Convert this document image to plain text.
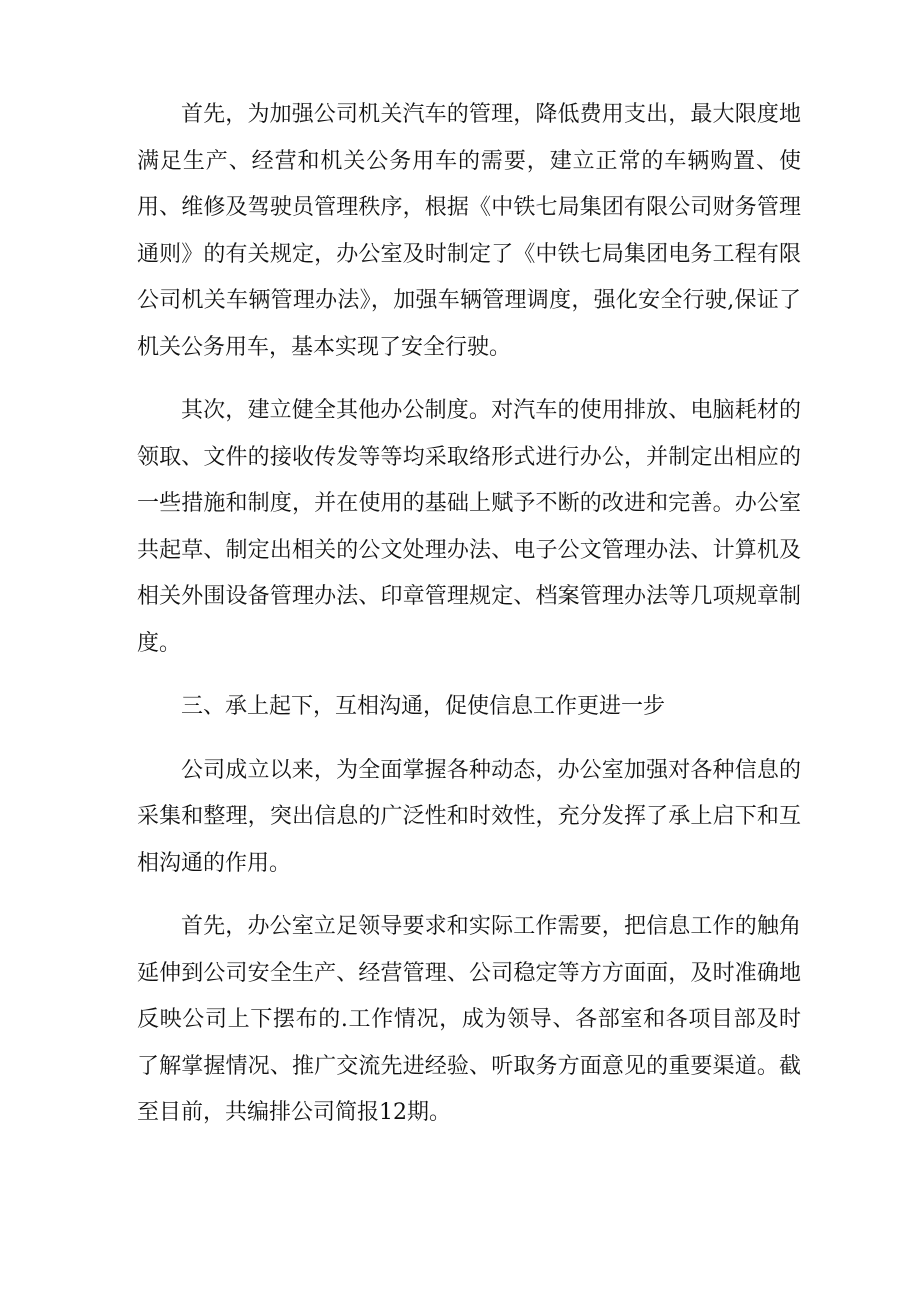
首先，为加强公司机关汽车的管理，降低费用支出，最大限度地满足生产、经营和机关公务用车的需要，建立正常的车辆购置、使用、维修及驾驶员管理秩序，根据《中铁七局集团有限公司财务管理通则》的有关规定，办公室及时制定了《中铁七局集团电务工程有限公司机关车辆管理办法》，加强车辆管理调度，强化安全行驶,保证了机关公务用车，基本实现了安全行驶。

其次，建立健全其他办公制度。对汽车的使用排放、电脑耗材的领取、文件的接收传发等等均采取络形式进行办公，并制定出相应的一些措施和制度，并在使用的基础上赋予不断的改进和完善。办公室共起草、制定出相关的公文处理办法、电子公文管理办法、计算机及相关外围设备管理办法、印章管理规定、档案管理办法等几项规章制度。

三、承上起下，互相沟通，促使信息工作更进一步

公司成立以来，为全面掌握各种动态，办公室加强对各种信息的采集和整理，突出信息的广泛性和时效性，充分发挥了承上启下和互相沟通的作用。

首先，办公室立足领导要求和实际工作需要，把信息工作的触角延伸到公司安全生产、经营管理、公司稳定等方方面面，及时准确地反映公司上下摆布的.工作情况，成为领导、各部室和各项目部及时了解掌握情况、推广交流先进经验、听取务方面意见的重要渠道。截至目前，共编排公司简报12期。
